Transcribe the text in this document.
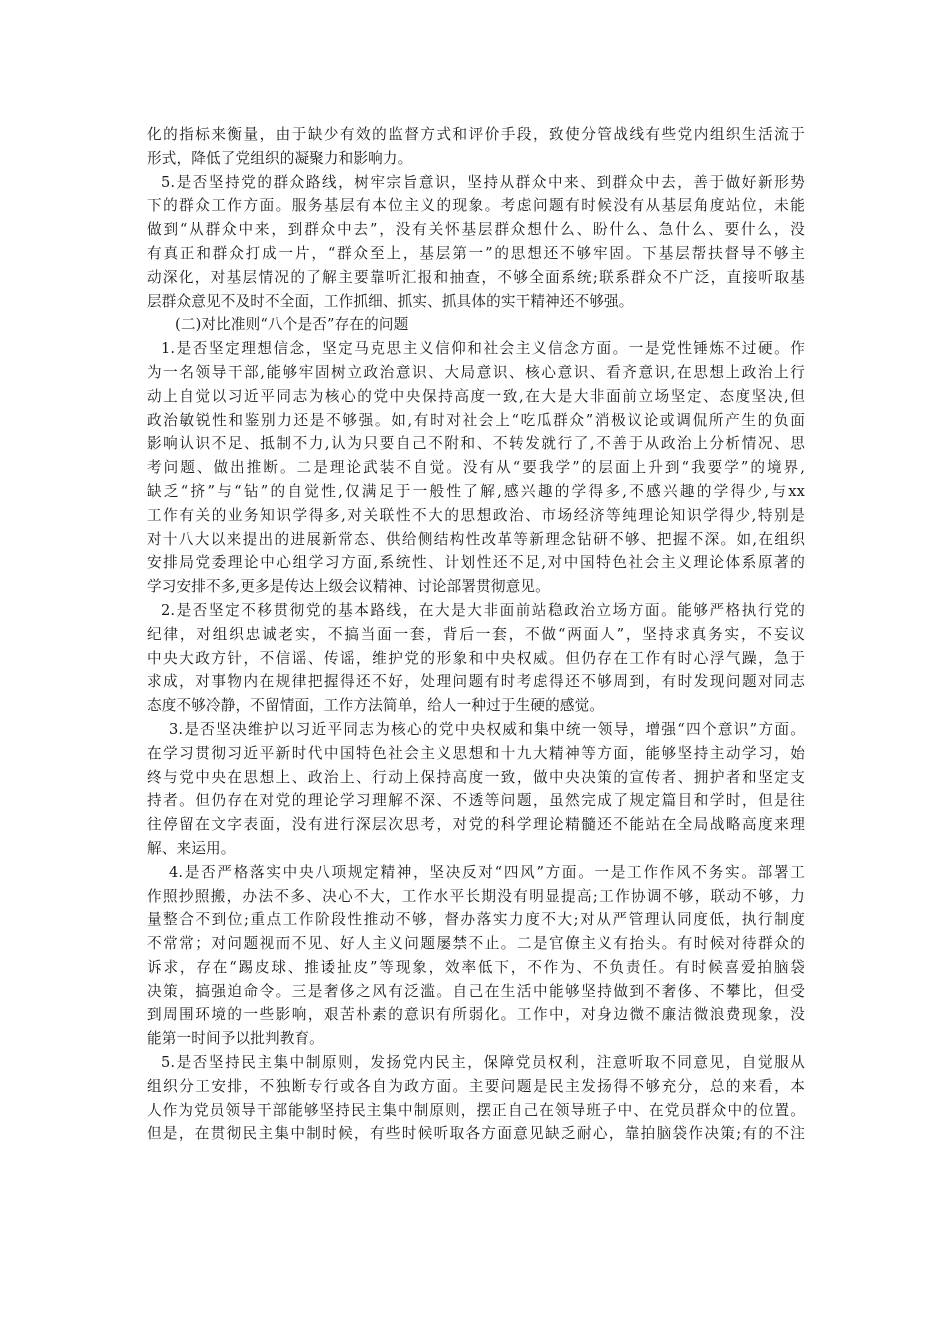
化的指标来衡量，由于缺少有效的监督方式和评价手段，致使分管战线有些党内组织生活流于
形式，降低了党组织的凝聚力和影响力。
5.是否坚持党的群众路线，树牢宗旨意识，坚持从群众中来、到群众中去，善于做好新形势
下的群众工作方面。服务基层有本位主义的现象。考虑问题有时候没有从基层角度站位，未能
做到“从群众中来，到群众中去”，没有关怀基层群众想什么、盼什么、急什么、要什么，没
有真正和群众打成一片，“群众至上，基层第一”的思想还不够牢固。下基层帮扶督导不够主
动深化，对基层情况的了解主要靠听汇报和抽查，不够全面系统;联系群众不广泛，直接听取基
层群众意见不及时不全面，工作抓细、抓实、抓具体的实干精神还不够强。
(二)对比准则“八个是否”存在的问题
1.是否坚定理想信念，坚定马克思主义信仰和社会主义信念方面。一是党性锤炼不过硬。作
为一名领导干部,能够牢固树立政治意识、大局意识、核心意识、看齐意识,在思想上政治上行
动上自觉以习近平同志为核心的党中央保持高度一致,在大是大非面前立场坚定、态度坚决,但
政治敏锐性和鉴别力还是不够强。如,有时对社会上“吃瓜群众”消极议论或调侃所产生的负面
影响认识不足、抵制不力,认为只要自己不附和、不转发就行了,不善于从政治上分析情况、思
考问题、做出推断。二是理论武装不自觉。没有从“要我学”的层面上升到“我要学”的境界,
缺乏“挤”与“钻”的自觉性,仅满足于一般性了解,感兴趣的学得多,不感兴趣的学得少,与xx
工作有关的业务知识学得多,对关联性不大的思想政治、市场经济等纯理论知识学得少,特别是
对十八大以来提出的进展新常态、供给侧结构性改革等新理念钻研不够、把握不深。如,在组织
安排局党委理论中心组学习方面,系统性、计划性还不足,对中国特色社会主义理论体系原著的
学习安排不多,更多是传达上级会议精神、讨论部署贯彻意见。
2.是否坚定不移贯彻党的基本路线，在大是大非面前站稳政治立场方面。能够严格执行党的
纪律，对组织忠诚老实，不搞当面一套，背后一套，不做“两面人”，坚持求真务实，不妄议
中央大政方针，不信谣、传谣，维护党的形象和中央权威。但仍存在工作有时心浮气躁，急于
求成，对事物内在规律把握得还不好，处理问题有时考虑得还不够周到，有时发现问题对同志
态度不够冷静，不留情面，工作方法简单，给人一种过于生硬的感觉。
3.是否坚决维护以习近平同志为核心的党中央权威和集中统一领导，增强“四个意识”方面。
在学习贯彻习近平新时代中国特色社会主义思想和十九大精神等方面，能够坚持主动学习，始
终与党中央在思想上、政治上、行动上保持高度一致，做中央决策的宣传者、拥护者和坚定支
持者。但仍存在对党的理论学习理解不深、不透等问题，虽然完成了规定篇目和学时，但是往
往停留在文字表面，没有进行深层次思考，对党的科学理论精髓还不能站在全局战略高度来理
解、来运用。
4.是否严格落实中央八项规定精神，坚决反对“四风”方面。一是工作作风不务实。部署工
作照抄照搬，办法不多、决心不大，工作水平长期没有明显提高;工作协调不够，联动不够，力
量整合不到位;重点工作阶段性推动不够，督办落实力度不大;对从严管理认同度低，执行制度
不常常；对问题视而不见、好人主义问题屡禁不止。二是官僚主义有抬头。有时候对待群众的
诉求，存在“踢皮球、推诿扯皮”等现象，效率低下，不作为、不负责任。有时候喜爱拍脑袋
决策，搞强迫命令。三是奢侈之风有泛滥。自己在生活中能够坚持做到不奢侈、不攀比，但受
到周围环境的一些影响，艰苦朴素的意识有所弱化。工作中，对身边微不廉洁微浪费现象，没
能第一时间予以批判教育。
5.是否坚持民主集中制原则，发扬党内民主，保障党员权利，注意听取不同意见，自觉服从
组织分工安排，不独断专行或各自为政方面。主要问题是民主发扬得不够充分，总的来看，本
人作为党员领导干部能够坚持民主集中制原则，摆正自己在领导班子中、在党员群众中的位置。
但是，在贯彻民主集中制时候，有些时候听取各方面意见缺乏耐心，靠拍脑袋作决策;有的不注
